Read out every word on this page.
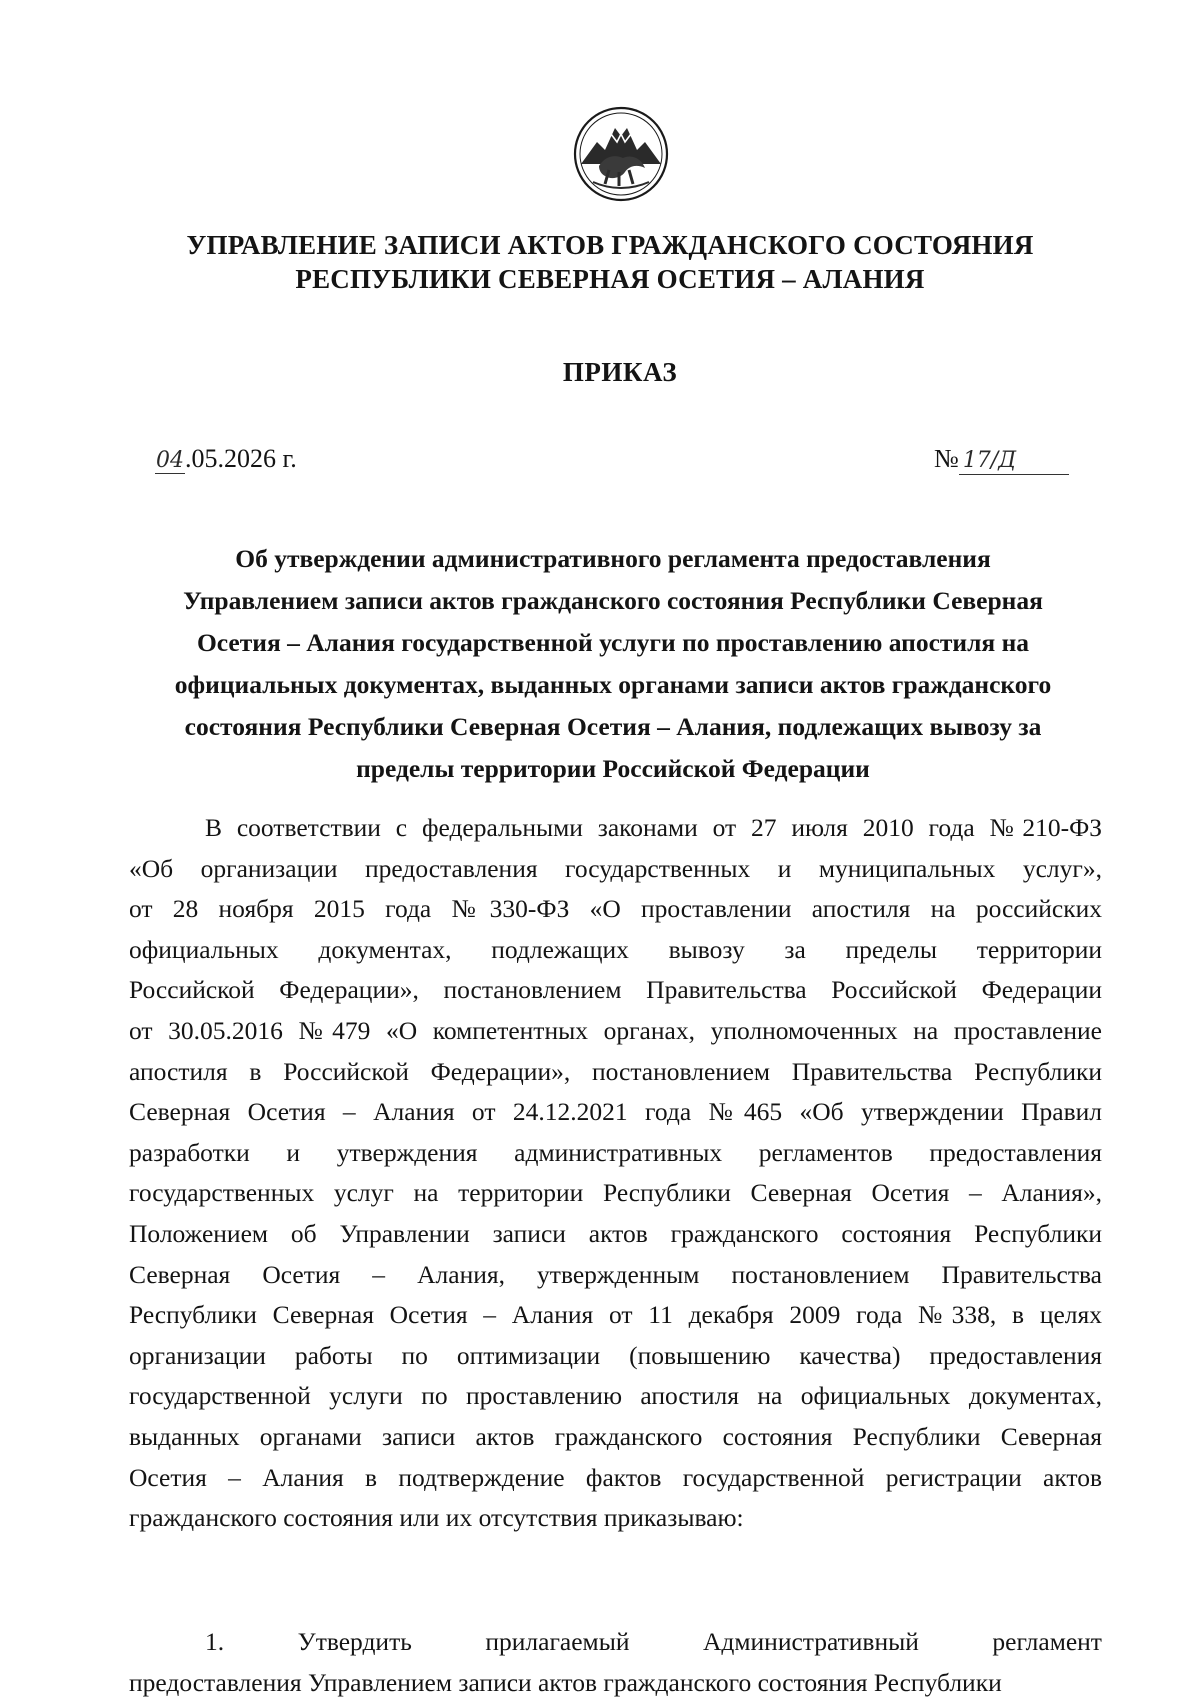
УПРАВЛЕНИЕ ЗАПИСИ АКТОВ ГРАЖДАНСКОГО СОСТОЯНИЯ
РЕСПУБЛИКИ СЕВЕРНАЯ ОСЕТИЯ – АЛАНИЯ
ПРИКАЗ
04.05.2026 г.	№ 17/Д
Об утверждении административного регламента предоставления
Управлением записи актов гражданского состояния Республики Северная
Осетия – Алания государственной услуги по проставлению апостиля на
официальных документах, выданных органами записи актов гражданского
состояния Республики Северная Осетия – Алания, подлежащих вывозу за
пределы территории Российской Федерации
В соответствии с федеральными законами от 27 июля 2010 года №210-ФЗ
«Об организации предоставления государственных и муниципальных услуг»,
от 28 ноября 2015 года №330-ФЗ «О проставлении апостиля на российских
официальных документах, подлежащих вывозу за пределы территории
Российской Федерации», постановлением Правительства Российской Федерации
от 30.05.2016 №479 «О компетентных органах, уполномоченных на проставление
апостиля в Российской Федерации», постановлением Правительства Республики
Северная Осетия – Алания от 24.12.2021 года №465 «Об утверждении Правил
разработки и утверждения административных регламентов предоставления
государственных услуг на территории Республики Северная Осетия – Алания»,
Положением об Управлении записи актов гражданского состояния Республики
Северная Осетия – Алания, утвержденным постановлением Правительства
Республики Северная Осетия – Алания от 11 декабря 2009 года №338, в целях
организации работы по оптимизации (повышению качества) предоставления
государственной услуги по проставлению апостиля на официальных документах,
выданных органами записи актов гражданского состояния Республики Северная
Осетия – Алания в подтверждение фактов государственной регистрации актов
гражданского состояния или их отсутствия приказываю:
1.	Утвердить	прилагаемый	Административный	регламент
предоставления Управлением записи актов гражданского состояния Республики
